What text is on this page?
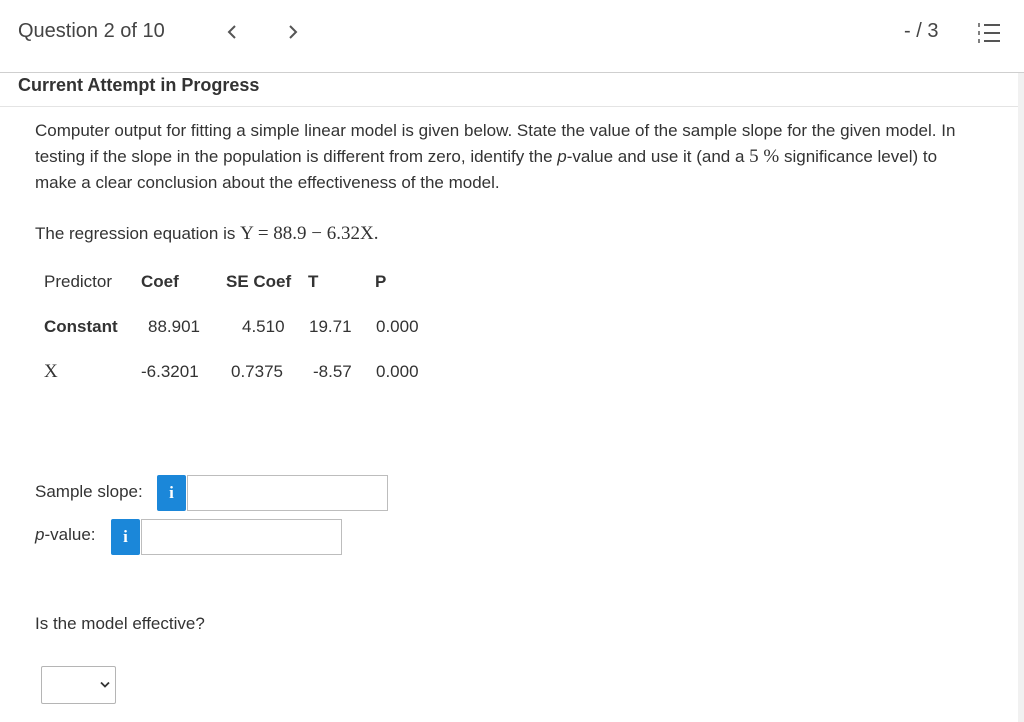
Question 2 of 10	- / 3
Current Attempt in Progress

Computer output for fitting a simple linear model is given below. State the value of the sample slope for the given model. In testing if the slope in the population is different from zero, identify the p-value and use it (and a 5 % significance level) to make a clear conclusion about the effectiveness of the model.

The regression equation is Y = 88.9 − 6.32X.
Predictor Coef	SE Coef T	P
Constant 88.901 4.510 19.71 0.000
X	-6.3201 0.7375 -8.57 0.000
Sample slope:	i
p-value:	i
Is the model effective?
